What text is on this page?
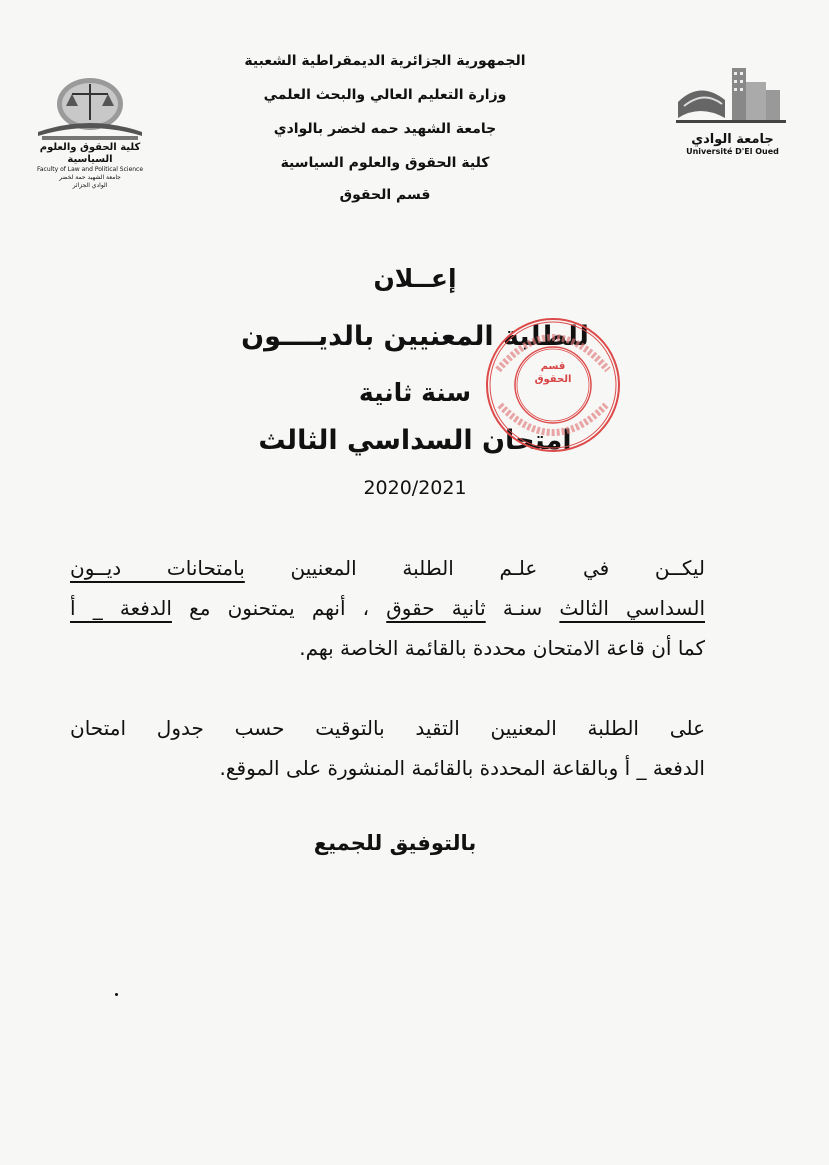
الجمهورية الجزائرية الديمقراطية الشعبية
وزارة التعليم العالي والبحث العلمي
جامعة الشهيد حمه لخضر بالوادي
كلية الحقوق والعلوم السياسية
قسم الحقوق
كلية الحقوق والعلوم السياسية
Faculty of Law and Political Science
جامعة الشهيد حمة لخضر
الوادي الجزائر
جامعة الوادي
Université D'El Oued
إعــلان
للطلبة المعنيين بالديــــون
سنة ثانية
امتحان السداسي الثالث
2020/2021
قسم
الحقوق
ليكــن في علـم الطلبة المعنيين بامتحانات ديــون
السداسي الثالث سنـة ثانية حقوق ، أنهم يمتحنون مع الدفعة _ أ
كما أن قاعة الامتحان محددة بالقائمة الخاصة بهم.
على الطلبة المعنيين التقيد بالتوقيت حسب جدول امتحان
الدفعة _ أ وبالقاعة المحددة بالقائمة المنشورة على الموقع.
بالتوفيق للجميع
